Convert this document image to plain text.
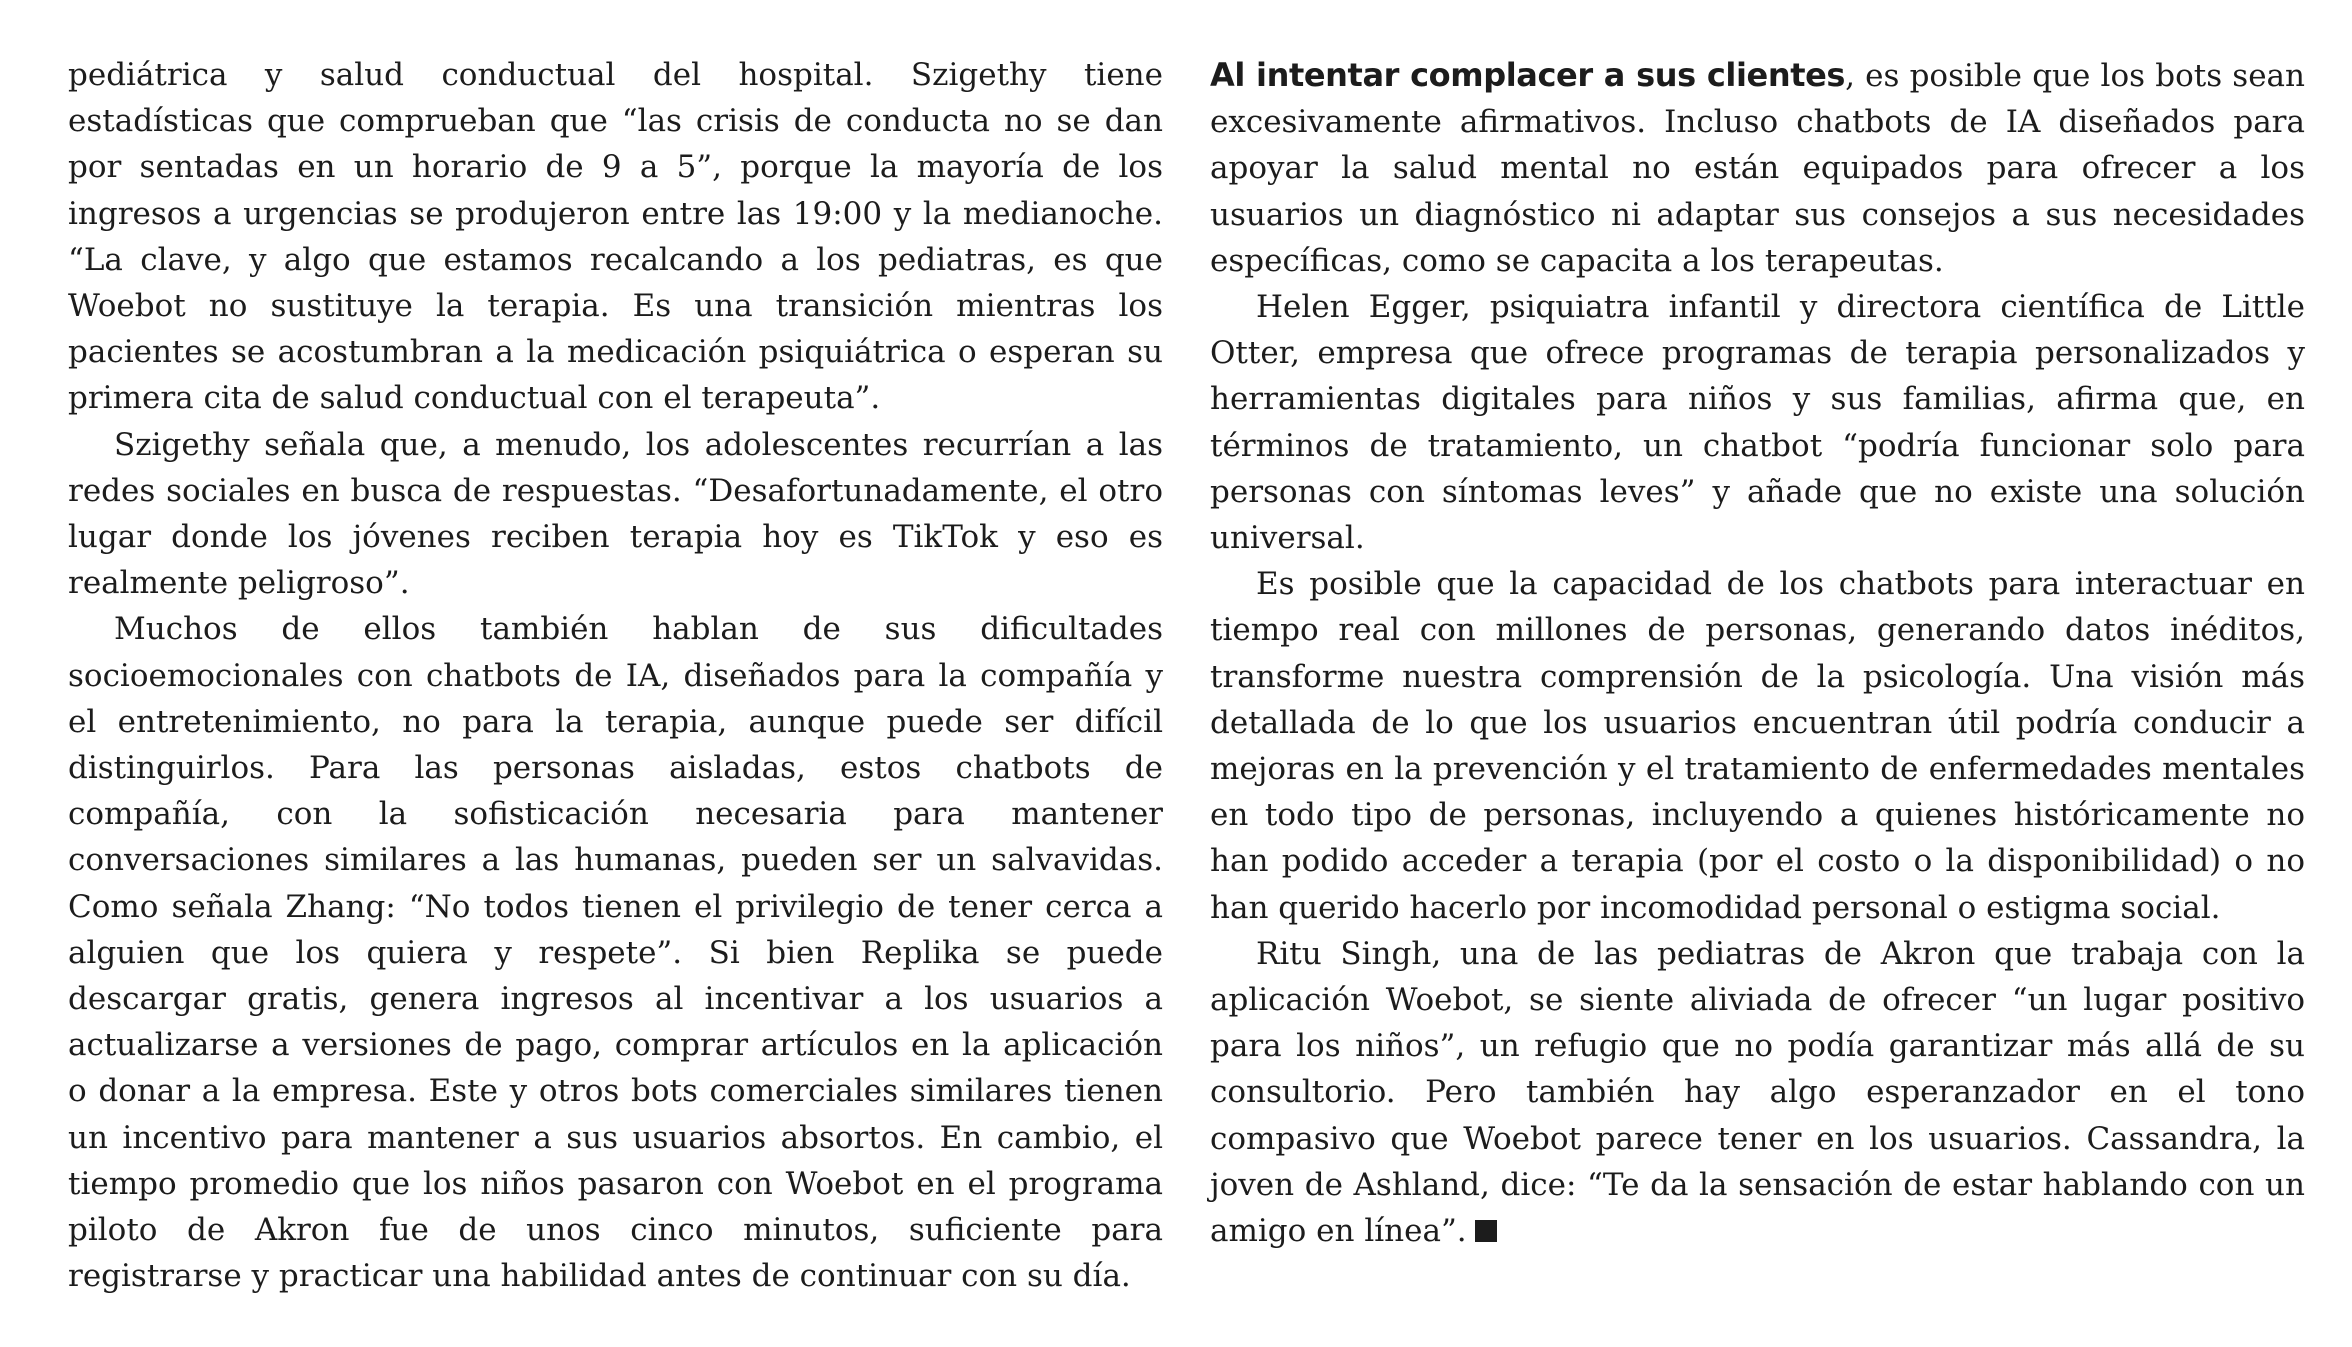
pediátrica y salud conductual del hospital. Szigethy tiene estadísticas que comprueban que “las crisis de conducta no se dan por sentadas en un horario de 9 a 5”, porque la mayoría de los ingresos a urgencias se produjeron entre las 19:00 y la medianoche. “La clave, y algo que estamos recalcando a los pediatras, es que Woebot no sustituye la terapia. Es una transición mientras los pacientes se acostumbran a la medicación psiquiátrica o esperan su primera cita de salud conductual con el terapeuta”.

Szigethy señala que, a menudo, los adolescentes recurrían a las redes sociales en busca de respuestas. “Desafortunadamente, el otro lugar donde los jóvenes reciben terapia hoy es TikTok y eso es realmente peligroso”.

Muchos de ellos también hablan de sus dificultades socioemocionales con chatbots de IA, diseñados para la compañía y el entretenimiento, no para la terapia, aunque puede ser difícil distinguirlos. Para las personas aisladas, estos chatbots de compañía, con la sofisticación necesaria para mantener conversaciones similares a las humanas, pueden ser un salvavidas. Como señala Zhang: “No todos tienen el privilegio de tener cerca a alguien que los quiera y respete”. Si bien Replika se puede descargar gratis, genera ingresos al incentivar a los usuarios a actualizarse a versiones de pago, comprar artículos en la aplicación o donar a la empresa. Este y otros bots comerciales similares tienen un incentivo para mantener a sus usuarios absortos. En cambio, el tiempo promedio que los niños pasaron con Woebot en el programa piloto de Akron fue de unos cinco minutos, suficiente para registrarse y practicar una habilidad antes de continuar con su día.

Al intentar complacer a sus clientes, es posible que los bots sean excesivamente afirmativos. Incluso chatbots de IA diseñados para apoyar la salud mental no están equipados para ofrecer a los usuarios un diagnóstico ni adaptar sus consejos a sus necesidades específicas, como se capacita a los terapeutas.

Helen Egger, psiquiatra infantil y directora científica de Little Otter, empresa que ofrece programas de terapia personalizados y herramientas digitales para niños y sus familias, afirma que, en términos de tratamiento, un chatbot “podría funcionar solo para personas con síntomas leves” y añade que no existe una solución universal.

Es posible que la capacidad de los chatbots para interactuar en tiempo real con millones de personas, generando datos inéditos, transforme nuestra comprensión de la psicología. Una visión más detallada de lo que los usuarios encuentran útil podría conducir a mejoras en la prevención y el tratamiento de enfermedades mentales en todo tipo de personas, incluyendo a quienes históricamente no han podido acceder a terapia (por el costo o la disponibilidad) o no han querido hacerlo por incomodidad personal o estigma social.

Ritu Singh, una de las pediatras de Akron que trabaja con la aplicación Woebot, se siente aliviada de ofrecer “un lugar positivo para los niños”, un refugio que no podía garantizar más allá de su consultorio. Pero también hay algo esperanzador en el tono compasivo que Woebot parece tener en los usuarios. Cassandra, la joven de Ashland, dice: “Te da la sensación de estar hablando con un amigo en línea”.
